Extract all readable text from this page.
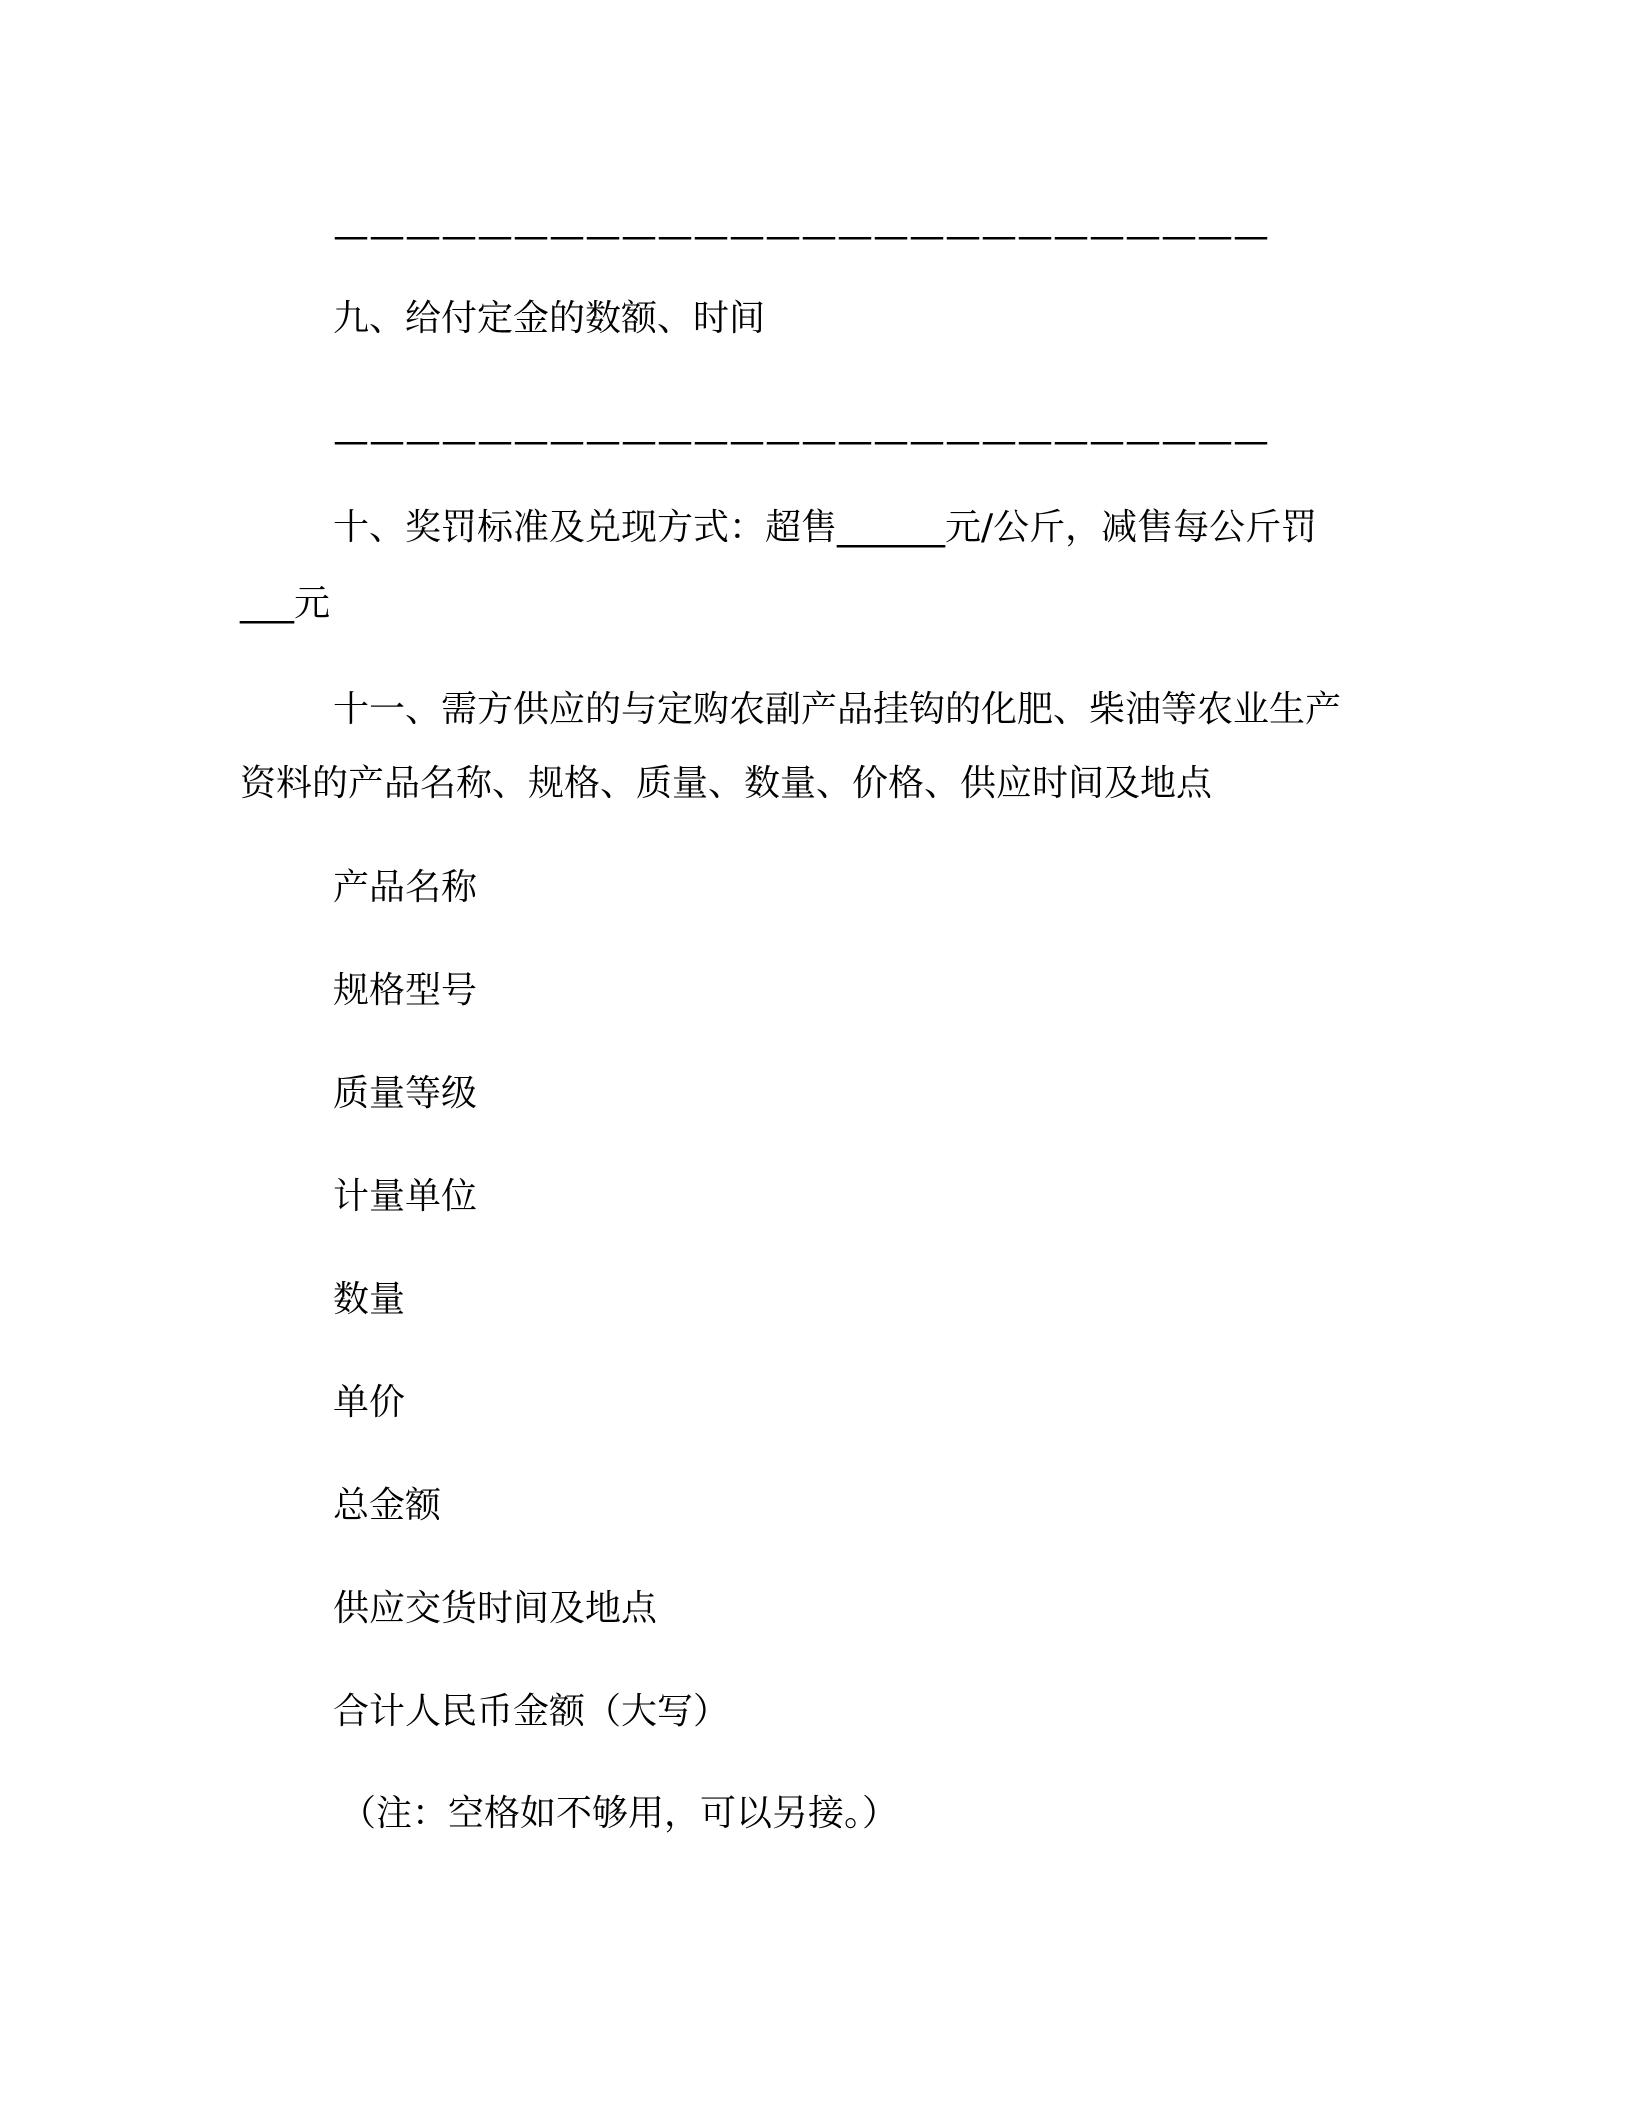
——————————————————————————
九、给付定金的数额、时间
——————————————————————————
十、奖罚标准及兑现方式：超售______元/公斤，减售每公斤罚
___元
十一、需方供应的与定购农副产品挂钩的化肥、柴油等农业生产
资料的产品名称、规格、质量、数量、价格、供应时间及地点
产品名称
规格型号
质量等级
计量单位
数量
单价
总金额
供应交货时间及地点
合计人民币金额（大写）
（注：空格如不够用，可以另接。）
